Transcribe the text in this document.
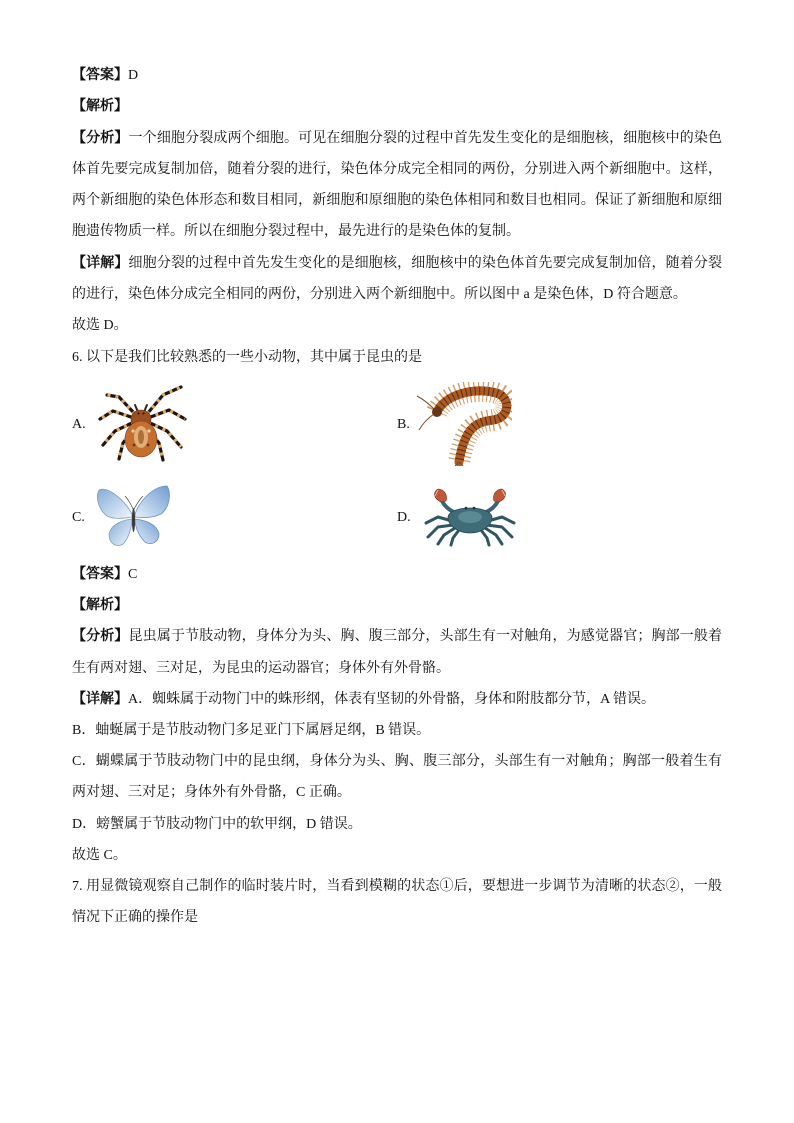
【答案】D
【解析】
【分析】一个细胞分裂成两个细胞。可见在细胞分裂的过程中首先发生变化的是细胞核，细胞核中的染色
体首先要完成复制加倍，随着分裂的进行，染色体分成完全相同的两份，分别进入两个新细胞中。这样，
两个新细胞的染色体形态和数目相同，新细胞和原细胞的染色体相同和数目也相同。保证了新细胞和原细
胞遗传物质一样。所以在细胞分裂过程中，最先进行的是染色体的复制。
【详解】细胞分裂的过程中首先发生变化的是细胞核，细胞核中的染色体首先要完成复制加倍，随着分裂
的进行，染色体分成完全相同的两份，分别进入两个新细胞中。所以图中 a 是染色体，D 符合题意。
故选 D。
6. 以下是我们比较熟悉的一些小动物，其中属于昆虫的是
A.	B.
C.	D.
【答案】C
【解析】
【分析】昆虫属于节肢动物，身体分为头、胸、腹三部分，头部生有一对触角，为感觉器官；胸部一般着
生有两对翅、三对足，为昆虫的运动器官；身体外有外骨骼。
【详解】A．蜘蛛属于动物门中的蛛形纲，体表有坚韧的外骨骼，身体和附肢都分节，A 错误。
B．蚰蜒属于是节肢动物门多足亚门下属唇足纲，B 错误。
C．蝴蝶属于节肢动物门中的昆虫纲，身体分为头、胸、腹三部分，头部生有一对触角；胸部一般着生有
两对翅、三对足；身体外有外骨骼，C 正确。
D．螃蟹属于节肢动物门中的软甲纲，D 错误。
故选 C。
7. 用显微镜观察自己制作的临时装片时，当看到模糊的状态①后，要想进一步调节为清晰的状态②，一般
情况下正确的操作是
